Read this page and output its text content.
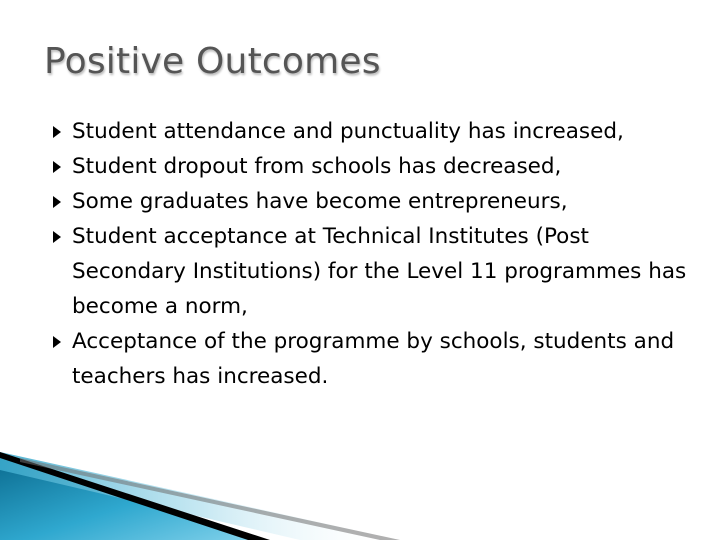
Positive Outcomes
Student attendance and punctuality has increased,
Student dropout from schools has decreased,
Some graduates have become entrepreneurs,
Student acceptance at Technical Institutes (Post Secondary Institutions) for the Level 11 programmes has become a norm,
Acceptance of the programme by schools, students and teachers has increased.
